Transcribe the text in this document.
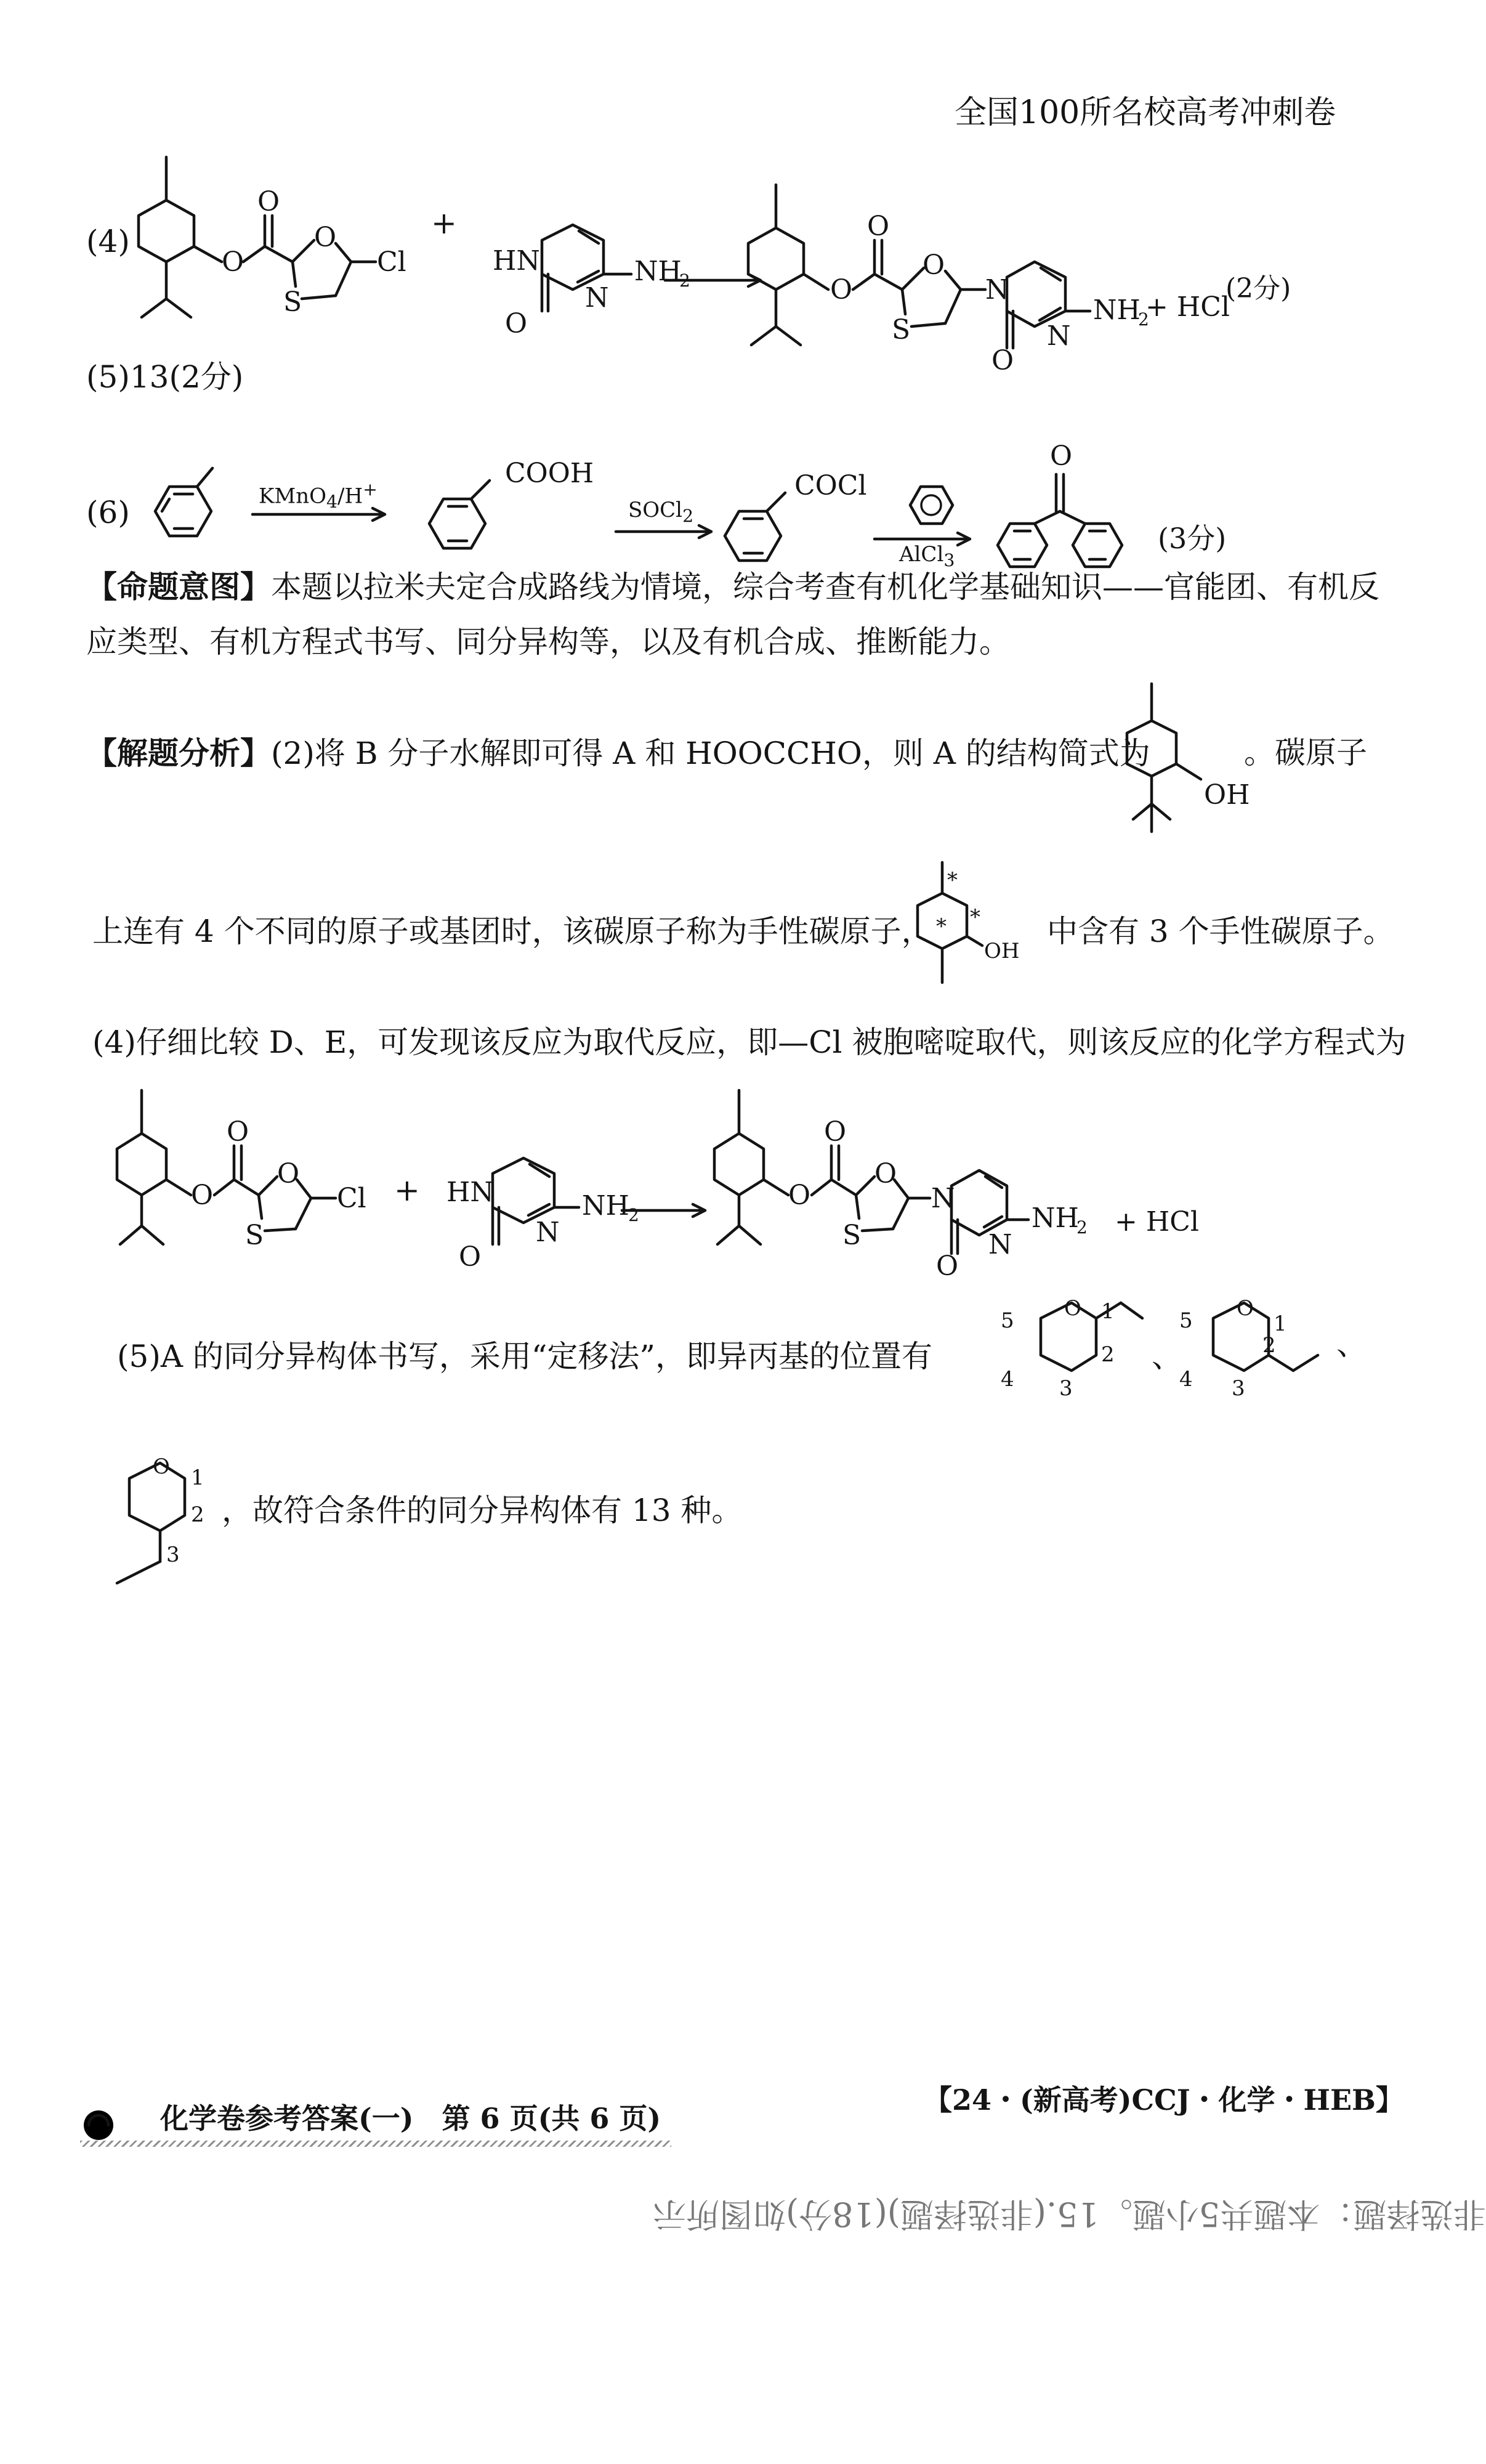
全国100所名校高考冲刺卷
(4)
O
O
O
S
Cl
+
HN
N
O
NH
2	O
O
O
S
N
N
O
NH
2
+ HCl
(2分)
(5)13(2分)
(6)	KMnO$_4$/H+
COOH
SOCl$_2$
COCl
AlCl$_3$
O
(3分)
【命题意图】本题以拉米夫定合成路线为情境，综合考查有机化学基础知识——官能团、有机反
应类型、有机方程式书写、同分异构等，以及有机合成、推断能力。
【解题分析】(2)将 B 分子水解即可得 A 和 HOOCCHO，则 A 的结构简式为
OH
。碳原子
上连有 4 个不同的原子或基团时，该碳原子称为手性碳原子，
*
*
*
OH
中含有 3 个手性碳原子。
(4)仔细比较 D、E，可发现该反应为取代反应，即—Cl 被胞嘧啶取代，则该反应的化学方程式为
O
O
O
S
Cl + HN
N
O
NH
2
O
O
O
S
N
N
O
NH
2 + HCl
(5)A 的同分异构体书写，采用“定移法”，即异丙基的位置有
5
4
O 1
2
3
、
5
4
O
1
2
3
、
O 1
2
3
，故符合条件的同分异构体有 13 种。
化学卷参考答案(一)　第 6 页(共 6 页)
【24・(新高考)CCJ・化学・HEB】
非选择题：本题共5小题。15.(非选择题)(18分)如图所示
